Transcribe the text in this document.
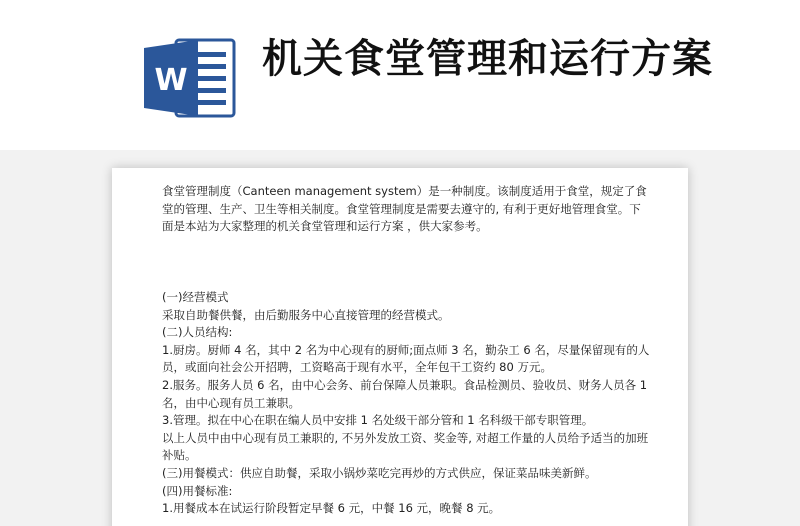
W 机关食堂管理和运行方案

食堂管理制度（Canteen management system）是一种制度。该制度适用于食堂，规定了食堂的管理、生产、卫生等相关制度。食堂管理制度是需要去遵守的, 有利于更好地管理食堂。下面是本站为大家整理的机关食堂管理和运行方案 ，供大家参考。

(一)经营模式

采取自助餐供餐，由后勤服务中心直接管理的经营模式。

(二)人员结构:

1.厨房。厨师 4 名，其中 2 名为中心现有的厨师;面点师 3 名，勤杂工 6 名，尽量保留现有的人员，或面向社会公开招聘，工资略高于现有水平，全年包干工资约 80 万元。

2.服务。服务人员 6 名，由中心会务、前台保障人员兼职。食品检测员、验收员、财务人员各 1 名，由中心现有员工兼职。

3.管理。拟在中心在职在编人员中安排 1 名处级干部分管和 1 名科级干部专职管理。

以上人员中由中心现有员工兼职的, 不另外发放工资、奖金等, 对超工作量的人员给予适当的加班补贴。

(三)用餐模式：供应自助餐，采取小锅炒菜吃完再炒的方式供应，保证菜品味美新鲜。

(四)用餐标准:

1.用餐成本在试运行阶段暂定早餐 6 元，中餐 16 元，晚餐 8 元。
